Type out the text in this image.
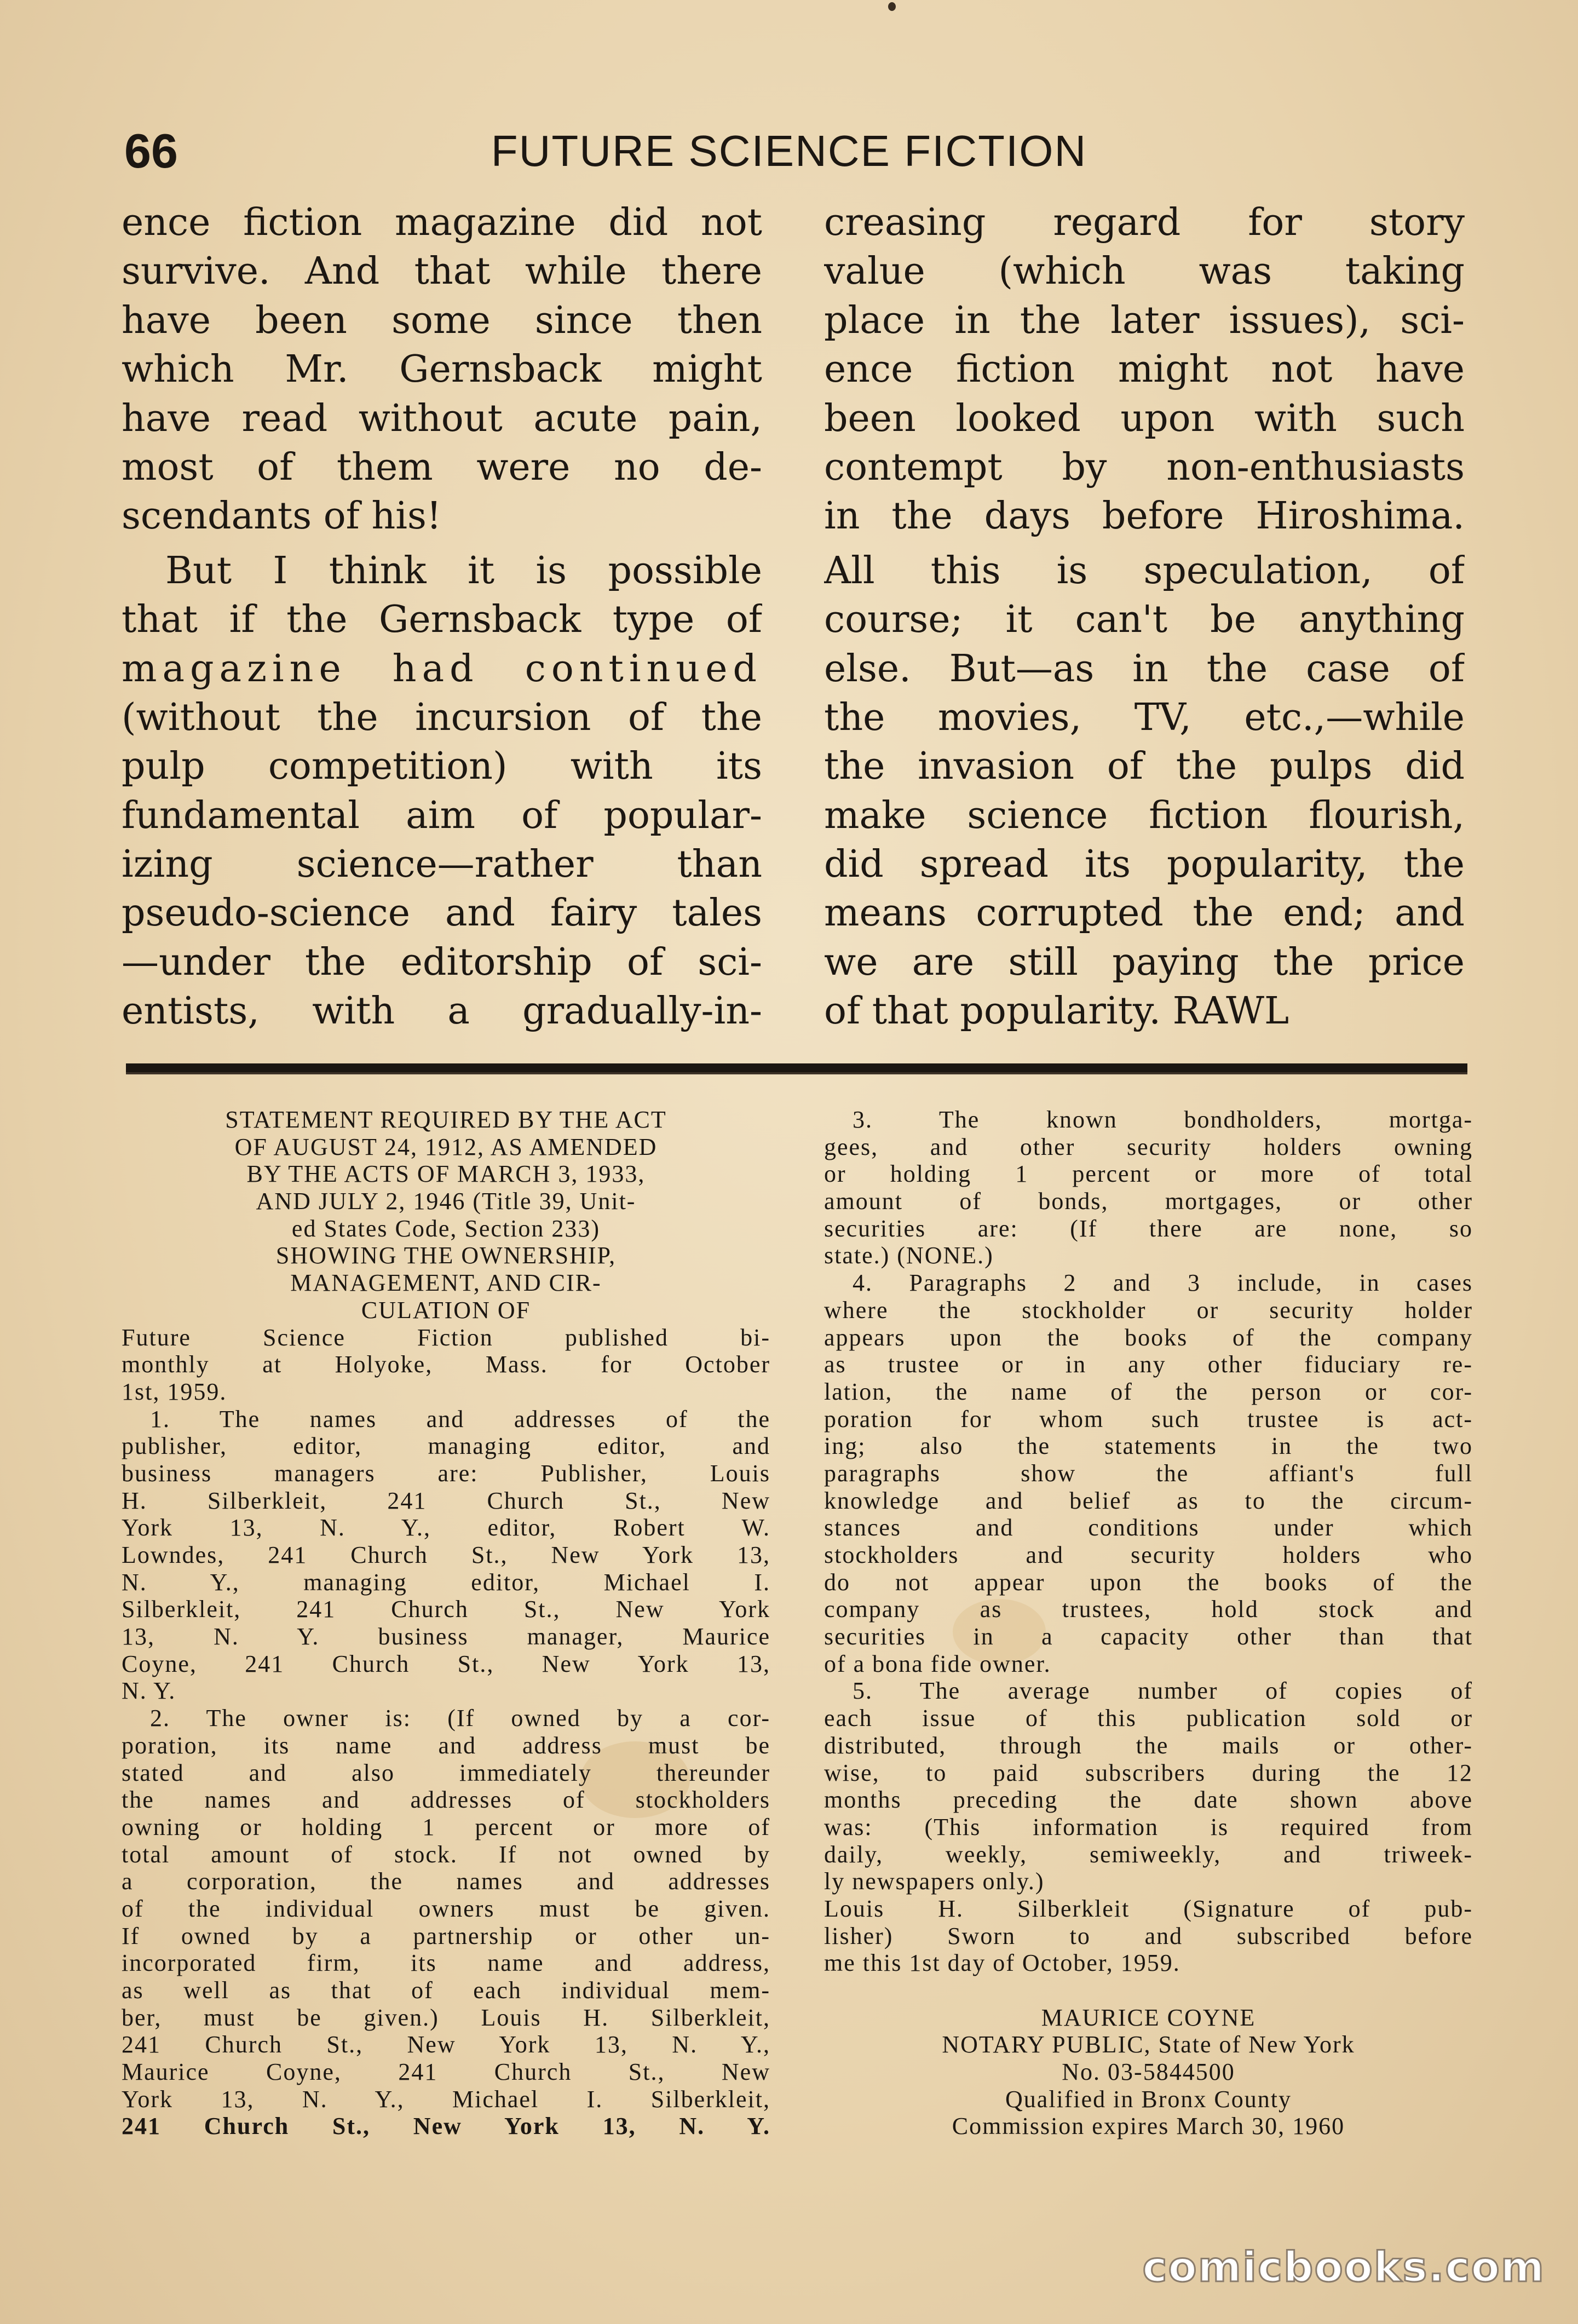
66	FUTURE SCIENCE FICTION
ence fiction magazine did not
survive. And that while there
have been some since then
which Mr. Gernsback might
have read without acute pain,
most of them were no de-
scendants of his!
But I think it is possible
that if the Gernsback type of
magazine had continued
(without the incursion of the
pulp competition) with its
fundamental aim of popular-
izing science—rather than
pseudo-science and fairy tales
—under the editorship of sci-
entists, with a gradually-in-
creasing regard for story
value (which was taking
place in the later issues), sci-
ence fiction might not have
been looked upon with such
contempt by non-enthusiasts
in the days before Hiroshima.
All this is speculation, of
course; it can't be anything
else. But—as in the case of
the movies, TV, etc.,—while
the invasion of the pulps did
make science fiction flourish,
did spread its popularity, the
means corrupted the end; and
we are still paying the price
of that popularity. RAWL
STATEMENT REQUIRED BY THE ACT
OF AUGUST 24, 1912, AS AMENDED
BY THE ACTS OF MARCH 3, 1933,
AND JULY 2, 1946 (Title 39, Unit-
ed States Code, Section 233)
SHOWING THE OWNERSHIP,
MANAGEMENT, AND CIR-
CULATION OF
Future Science Fiction published bi-
monthly at Holyoke, Mass. for October
1st, 1959.
1. The names and addresses of the
publisher, editor, managing editor, and
business managers are: Publisher, Louis
H. Silberkleit, 241 Church St., New
York 13, N. Y., editor, Robert W.
Lowndes, 241 Church St., New York 13,
N. Y., managing editor, Michael I.
Silberkleit, 241 Church St., New York
13, N. Y. business manager, Maurice
Coyne, 241 Church St., New York 13,
N. Y.
2. The owner is: (If owned by a cor-
poration, its name and address must be
stated and also immediately thereunder
the names and addresses of stockholders
owning or holding 1 percent or more of
total amount of stock. If not owned by
a corporation, the names and addresses
of the individual owners must be given.
If owned by a partnership or other un-
incorporated firm, its name and address,
as well as that of each individual mem-
ber, must be given.) Louis H. Silberkleit,
241 Church St., New York 13, N. Y.,
Maurice Coyne, 241 Church St., New
York 13, N. Y., Michael I. Silberkleit,
241 Church St., New York 13, N. Y.
3. The known bondholders, mortga-
gees, and other security holders owning
or holding 1 percent or more of total
amount of bonds, mortgages, or other
securities are: (If there are none, so
state.) (NONE.)
4. Paragraphs 2 and 3 include, in cases
where the stockholder or security holder
appears upon the books of the company
as trustee or in any other fiduciary re-
lation, the name of the person or cor-
poration for whom such trustee is act-
ing; also the statements in the two
paragraphs show the affiant's full
knowledge and belief as to the circum-
stances and conditions under which
stockholders and security holders who
do not appear upon the books of the
company as trustees, hold stock and
securities in a capacity other than that
of a bona fide owner.
5. The average number of copies of
each issue of this publication sold or
distributed, through the mails or other-
wise, to paid subscribers during the 12
months preceding the date shown above
was: (This information is required from
daily, weekly, semiweekly, and triweek-
ly newspapers only.)
Louis H. Silberkleit (Signature of pub-
lisher) Sworn to and subscribed before
me this 1st day of October, 1959.
MAURICE COYNE
NOTARY PUBLIC, State of New York
No. 03-5844500
Qualified in Bronx County
Commission expires March 30, 1960
comicbooks.com
